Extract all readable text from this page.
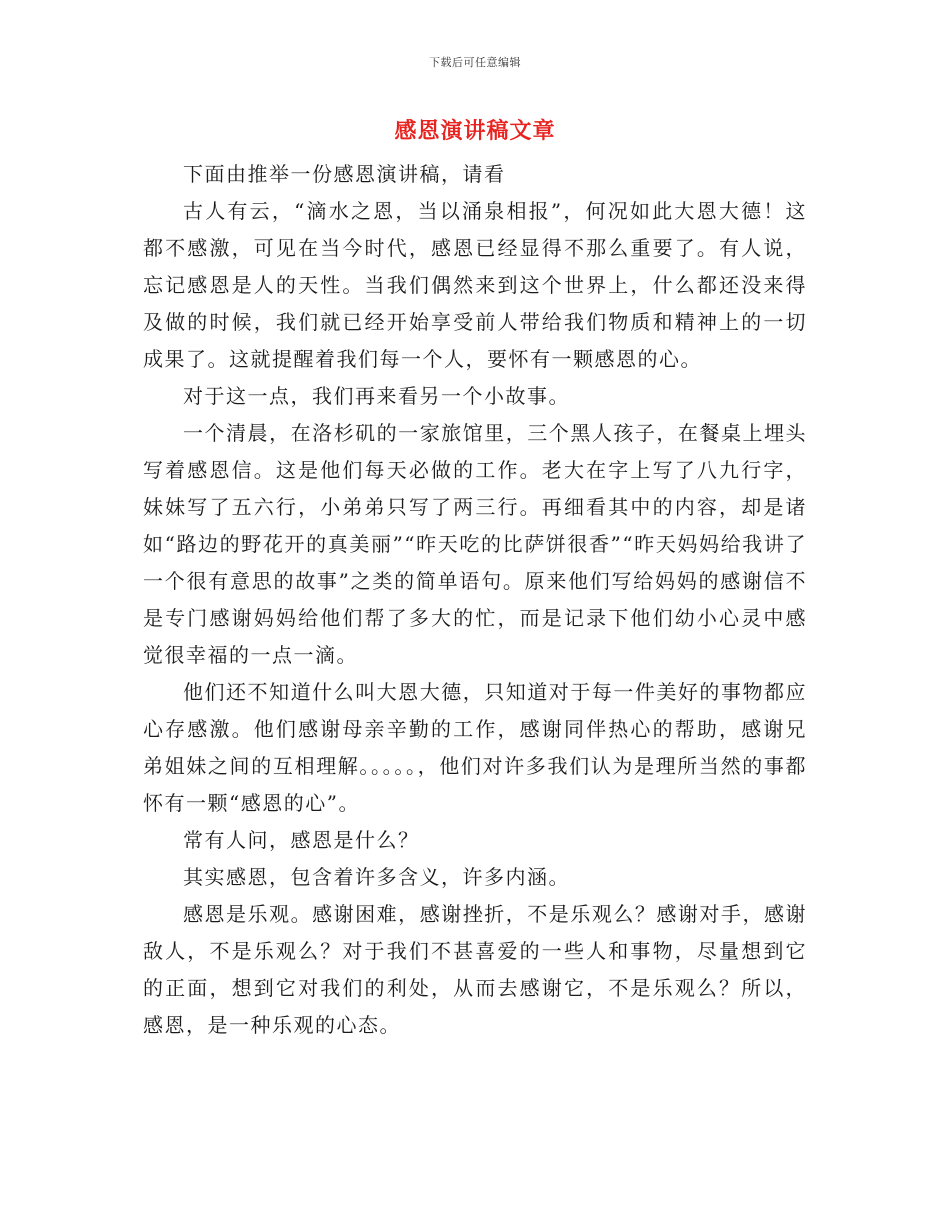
下载后可任意编辑
感恩演讲稿文章

下面由推举一份感恩演讲稿，请看

古人有云，“滴水之恩，当以涌泉相报”，何况如此大恩大德！这都不感激，可见在当今时代，感恩已经显得不那么重要了。有人说，忘记感恩是人的天性。当我们偶然来到这个世界上，什么都还没来得及做的时候，我们就已经开始享受前人带给我们物质和精神上的一切成果了。这就提醒着我们每一个人，要怀有一颗感恩的心。

对于这一点，我们再来看另一个小故事。

一个清晨，在洛杉矶的一家旅馆里，三个黑人孩子，在餐桌上埋头写着感恩信。这是他们每天必做的工作。老大在字上写了八九行字，妹妹写了五六行，小弟弟只写了两三行。再细看其中的内容，却是诸如“路边的野花开的真美丽”“昨天吃的比萨饼很香”“昨天妈妈给我讲了一个很有意思的故事”之类的简单语句。原来他们写给妈妈的感谢信不是专门感谢妈妈给他们帮了多大的忙，而是记录下他们幼小心灵中感觉很幸福的一点一滴。

他们还不知道什么叫大恩大德，只知道对于每一件美好的事物都应心存感激。他们感谢母亲辛勤的工作，感谢同伴热心的帮助，感谢兄弟姐妹之间的互相理解。。。。。，他们对许多我们认为是理所当然的事都怀有一颗“感恩的心”。

常有人问，感恩是什么？

其实感恩，包含着许多含义，许多内涵。

感恩是乐观。感谢困难，感谢挫折，不是乐观么？感谢对手，感谢敌人，不是乐观么？对于我们不甚喜爱的一些人和事物，尽量想到它的正面，想到它对我们的利处，从而去感谢它，不是乐观么？所以，感恩，是一种乐观的心态。
